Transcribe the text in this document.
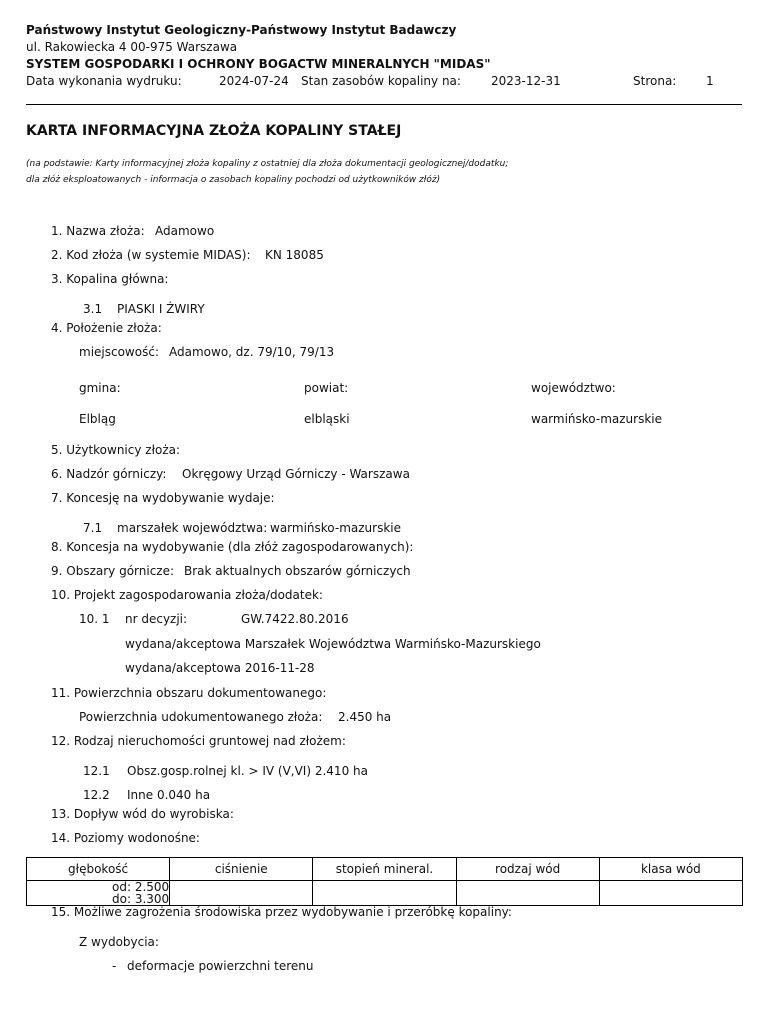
Państwowy Instytut Geologiczny-Państwowy Instytut Badawczy
ul. Rakowiecka 4 00-975 Warszawa
SYSTEM GOSPODARKI I OCHRONY BOGACTW MINERALNYCH "MIDAS"
Data wykonania wydruku:	2024-07-24 Stan zasobów kopaliny na:	2023-12-31	Strona: 1
KARTA INFORMACYJNA ZŁOŻA KOPALINY STAŁEJ
(na podstawie: Karty informacyjnej złoża kopaliny z ostatniej dla złoża dokumentacji geologicznej/dodatku;
dla złóż eksploatowanych - informacja o zasobach kopaliny pochodzi od użytkowników złóż)
1. Nazwa złoża: Adamowo
2. Kod złoża (w systemie MIDAS): KN 18085
3. Kopalina główna:
3.1 PIASKI I ŻWIRY
4. Położenie złoża:
miejscowość: Adamowo, dz. 79/10, 79/13
gmina:	powiat:	województwo:
Elbląg	elbląski	warmińsko-mazurskie
5. Użytkownicy złoża:
6. Nadzór górniczy: Okręgowy Urząd Górniczy - Warszawa
7. Koncesję na wydobywanie wydaje:
7.1 marszałek województwa: warmińsko-mazurskie
8. Koncesja na wydobywanie (dla złóż zagospodarowanych):
9. Obszary górnicze: Brak aktualnych obszarów górniczych
10. Projekt zagospodarowania złoża/dodatek:
10. 1 nr decyzji:	GW.7422.80.2016
wydana/akceptowa Marszałek Województwa Warmińsko-Mazurskiego
wydana/akceptowa 2016-11-28
11. Powierzchnia obszaru dokumentowanego:
Powierzchnia udokumentowanego złoża: 2.450 ha
12. Rodzaj nieruchomości gruntowej nad złożem:
12.1 Obsz.gosp.rolnej kl. > IV (V,VI) 2.410 ha
12.2 Inne 0.040 ha
13. Dopływ wód do wyrobiska:
14. Poziomy wodonośne:
głębokość	ciśnienie	stopień mineral.	rodzaj wód	klasa wód

od: 2.500
do: 3.300				

15. Możliwe zagrożenia środowiska przez wydobywanie i przeróbkę kopaliny:
Z wydobycia:
- deformacje powierzchni terenu
